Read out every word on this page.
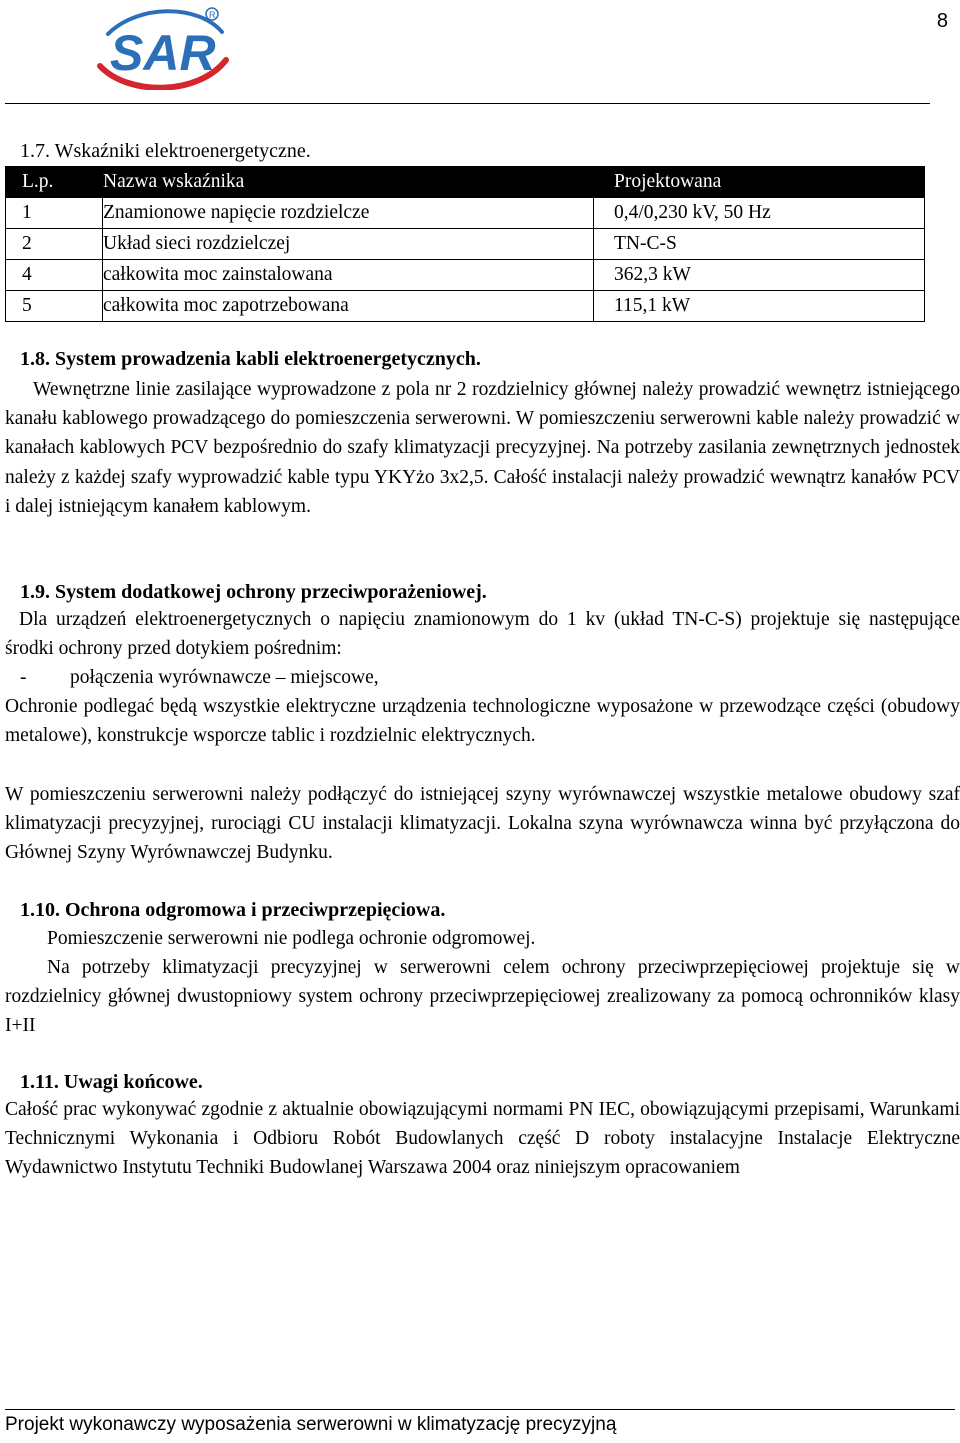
SAR
R	8
1.7. Wskaźniki elektroenergetyczne.
L.p.	Nazwa wskaźnika	Projektowana
1	Znamionowe napięcie rozdzielcze	0,4/0,230 kV, 50 Hz
2	Układ sieci rozdzielczej	TN-C-S
4	całkowita moc zainstalowana	362,3 kW
5	całkowita moc zapotrzebowana	115,1 kW
1.8. System prowadzenia kabli elektroenergetycznych.
Wewnętrzne linie zasilające wyprowadzone z pola nr 2 rozdzielnicy głównej należy prowadzić wewnętrz istniejącego kanału kablowego prowadzącego do pomieszczenia serwerowni. W pomieszczeniu serwerowni kable należy prowadzić w kanałach kablowych PCV bezpośrednio do szafy klimatyzacji precyzyjnej. Na potrzeby zasilania zewnętrznych jednostek należy z każdej szafy wyprowadzić kable typu YKYżo 3x2,5. Całość instalacji należy prowadzić wewnątrz kanałów PCV i dalej istniejącym kanałem kablowym.
1.9. System dodatkowej ochrony przeciwporażeniowej.
Dla urządzeń elektroenergetycznych o napięciu znamionowym do 1 kv (układ TN-C-S) projektuje się następujące środki ochrony przed dotykiem pośrednim:
- połączenia wyrównawcze – miejscowe,
Ochronie podlegać będą wszystkie elektryczne urządzenia technologiczne wyposażone w przewodzące części (obudowy metalowe), konstrukcje wsporcze tablic i rozdzielnic elektrycznych.
W pomieszczeniu serwerowni należy podłączyć do istniejącej szyny wyrównawczej wszystkie metalowe obudowy szaf klimatyzacji precyzyjnej, rurociągi CU instalacji klimatyzacji. Lokalna szyna wyrównawcza winna być przyłączona do Głównej Szyny Wyrównawczej Budynku.
1.10. Ochrona odgromowa i przeciwprzepięciowa.
Pomieszczenie serwerowni nie podlega ochronie odgromowej.
Na potrzeby klimatyzacji precyzyjnej w serwerowni celem ochrony przeciwprzepięciowej projektuje się w rozdzielnicy głównej dwustopniowy system ochrony przeciwprzepięciowej zrealizowany za pomocą ochronników klasy I+II
1.11. Uwagi końcowe.
Całość prac wykonywać zgodnie z aktualnie obowiązującymi normami PN IEC, obowiązującymi przepisami, Warunkami Technicznymi Wykonania i Odbioru Robót Budowlanych część D roboty instalacyjne Instalacje Elektryczne Wydawnictwo Instytutu Techniki Budowlanej Warszawa 2004 oraz niniejszym opracowaniem
Projekt wykonawczy wyposażenia serwerowni w klimatyzację precyzyjną
